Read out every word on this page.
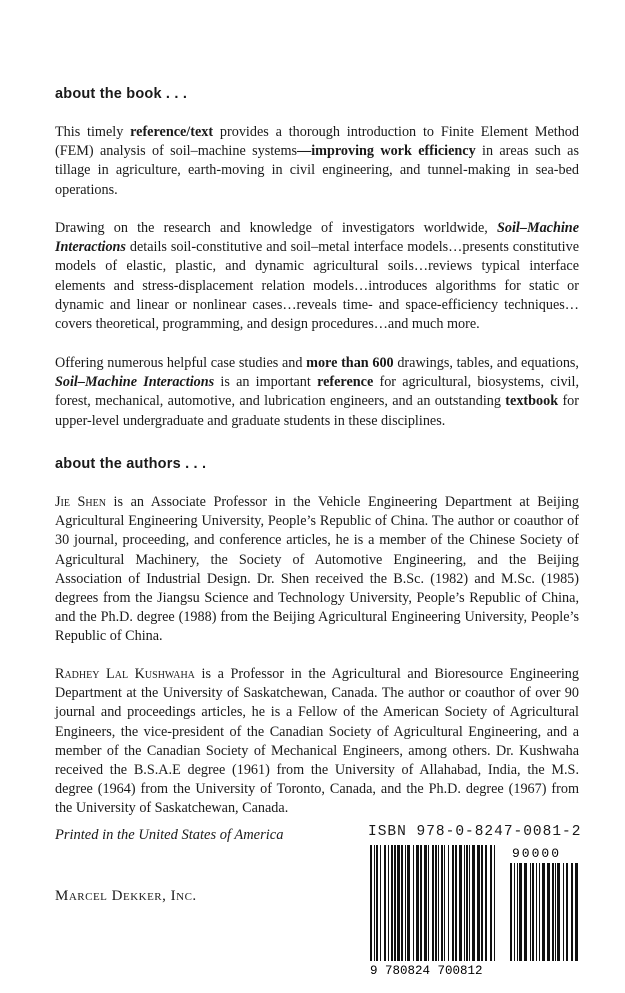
about the book . . .

This timely reference/text provides a thorough introduction to Finite Element Method (FEM) analysis of soil–machine systems—improving work efficiency in areas such as tillage in agriculture, earth-moving in civil engineering, and tunnel-making in sea-bed operations.

Drawing on the research and knowledge of investigators worldwide, Soil–Machine Interactions details soil-constitutive and soil–metal interface models…presents constitutive models of elastic, plastic, and dynamic agricultural soils…reviews typical interface elements and stress-displacement relation models…introduces algorithms for static or dynamic and linear or nonlinear cases…reveals time- and space-efficiency techniques…covers theoretical, programming, and design procedures…and much more.

Offering numerous helpful case studies and more than 600 drawings, tables, and equations, Soil–Machine Interactions is an important reference for agricultural, biosystems, civil, forest, mechanical, automotive, and lubrication engineers, and an outstanding textbook for upper-level undergraduate and graduate students in these disciplines.

about the authors . . .

Jie Shen is an Associate Professor in the Vehicle Engineering Department at Beijing Agricultural Engineering University, People’s Republic of China. The author or coauthor of 30 journal, proceeding, and conference articles, he is a member of the Chinese Society of Agricultural Machinery, the Society of Automotive Engineering, and the Beijing Association of Industrial Design. Dr. Shen received the B.Sc. (1982) and M.Sc. (1985) degrees from the Jiangsu Science and Technology University, People’s Republic of China, and the Ph.D. degree (1988) from the Beijing Agricultural Engineering University, People’s Republic of China.

Radhey Lal Kushwaha is a Professor in the Agricultural and Bioresource Engineering Department at the University of Saskatchewan, Canada. The author or coauthor of over 90 journal and proceedings articles, he is a Fellow of the American Society of Agricultural Engineers, the vice-president of the Canadian Society of Agricultural Engineering, and a member of the Canadian Society of Mechanical Engineers, among others. Dr. Kushwaha received the B.S.A.E degree (1961) from the University of Allahabad, India, the M.S. degree (1964) from the University of Toronto, Canada, and the Ph.D. degree (1967) from the University of Saskatchewan, Canada.

Printed in the United States of America

Marcel Dekker, Inc.

ISBN 978-0-8247-0081-2

9 780824 700812
90000
